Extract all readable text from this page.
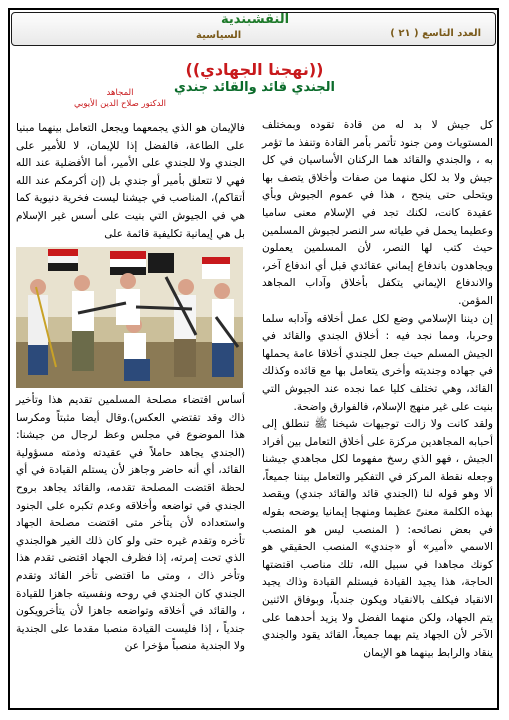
النقشبندية
العدد التاسع ( ٢١ )
السياسية
((نهجنا الجهادي))
الجندي قائد والقائد جندي
المجاهد
الدكتور صلاح الدين الأيوبي

كل جيش لا بد له من قادة تقوده وبمختلف المستويات ومن جنود تأتمر بأمر القادة وتنفذ ما تؤمر به ، والجندي والقائد هما الركنان الأساسيان في كل جيش ولا بد لكل منهما من صفات وأخلاق يتصف بها ويتحلى حتى ينجح ، هذا في عموم الجيوش وبأي عقيدة كانت، لكنك تجد في الإسلام معنى ساميا وعطيما يحمل في طياته سر النصر لجيوش المسلمين حيث كتب لها النصر، لأن المسلمين يعملون ويجاهدون باندفاع إيماني عقائدي قبل أي اندفاع آخر، والاندفاع الإيماني يتكفل بأخلاق وآداب المجاهد المؤمن.

إن ديننا الإسلامي وضع لكل عمل أخلاقه وآدابه سلما وحربا، ومما نجد فيه : أخلاق الجندي والقائد في الجيش المسلم حيث جعل للجندي أخلاقا عامة يحملها في جهاده وجنديته وأخرى يتعامل بها مع قائده وكذلك القائد، وهي تختلف كليا عما نجده عند الجيوش التي بنيت على غير منهج الإسلام، فالفوارق واضحة.

ولقد كانت ولا زالت توجيهات شيخنا ﷺ تنطلق إلى أحبابه المجاهدين مركزة على أخلاق التعامل بين أفراد الجيش ، فهو الذي رسخ مفهوما لكل مجاهدي جيشنا وجعله نقطة المركز في التفكير والتعامل بيننا جميعاً، ألا وهو قوله لنا (الجندي قائد والقائد جندي) ويقصد بهذه الكلمة معنىً عظيما ومنهجا إيمانيا يوضحه بقوله في بعض نصائحه: ( المنصب ليس هو المنصب الاسمي «أمير» أو «جندي» المنصب الحقيقي هو كونك مجاهدا في سبيل الله، تلك مناصب اقتضتها الحاجة، هذا يجيد القيادة فيستلم القيادة وذاك يجيد الانقياد فيكلف بالانقياد ويكون جندياً، وبوفاق الاثنين يتم الجهاد، ولكن منهما الفضل ولا يزيد أحدهما على الآخر لأن الجهاد يتم بهما جميعاً، القائد يقود والجندي ينقاد والرابط بينهما هو الإيمان

فالإيمان هو الذي يجمعهما ويجعل التعامل بينهما مبنيا على الطاعة، فالفضل إذا للإيمان، لا للأمير على الجندي ولا للجندي على الأمير، أما الأفضلية عند الله فهي لا تتعلق بأمير أو جندي بل (إن أكرمكم عند الله أتقاكم)، المناصب في جيشنا ليست فخرية دنيوية كما هي في الجيوش التي بنيت على أسس غير الإسلام بل هي إيمانية تكليفية قائمة على

أساس اقتضاء مصلحة المسلمين تقديم هذا وتأخير ذاك وقد تقتضي العكس).وقال أيضا مثبتاً ومكرسا هذا الموضوع في مجلس وعظ لرجال من جيشنا: (الجندي يجاهد حاملاً في عقيدته وذمته مسؤولية القائد، أي أنه حاضر وجاهز لأن يستلم القيادة في أي لحظة اقتضت المصلحة تقدمه، والقائد يجاهد بروح الجندي في تواضعه وأخلاقه وعدم تكبره على الجنود واستعداده لأن يتأخر متى اقتضت مصلحة الجهاد تأخره وتقدم غيره حتى ولو كان ذلك الغير هوالجندي الذي تحت إمرته، إذا فظرف الجهاد اقتضى تقدم هذا وتأخر ذاك ، ومتى ما اقتضى تأخر القائد وتقدم الجندي كان الجندي في روحه ونفسيته جاهزا للقيادة ، والقائد في أخلاقه وتواضعه جاهزا لأن يتأخرويكون جندياً ، إذا فليست القيادة منصبا مقدما على الجندية ولا الجندية منصباً مؤخرا عن
